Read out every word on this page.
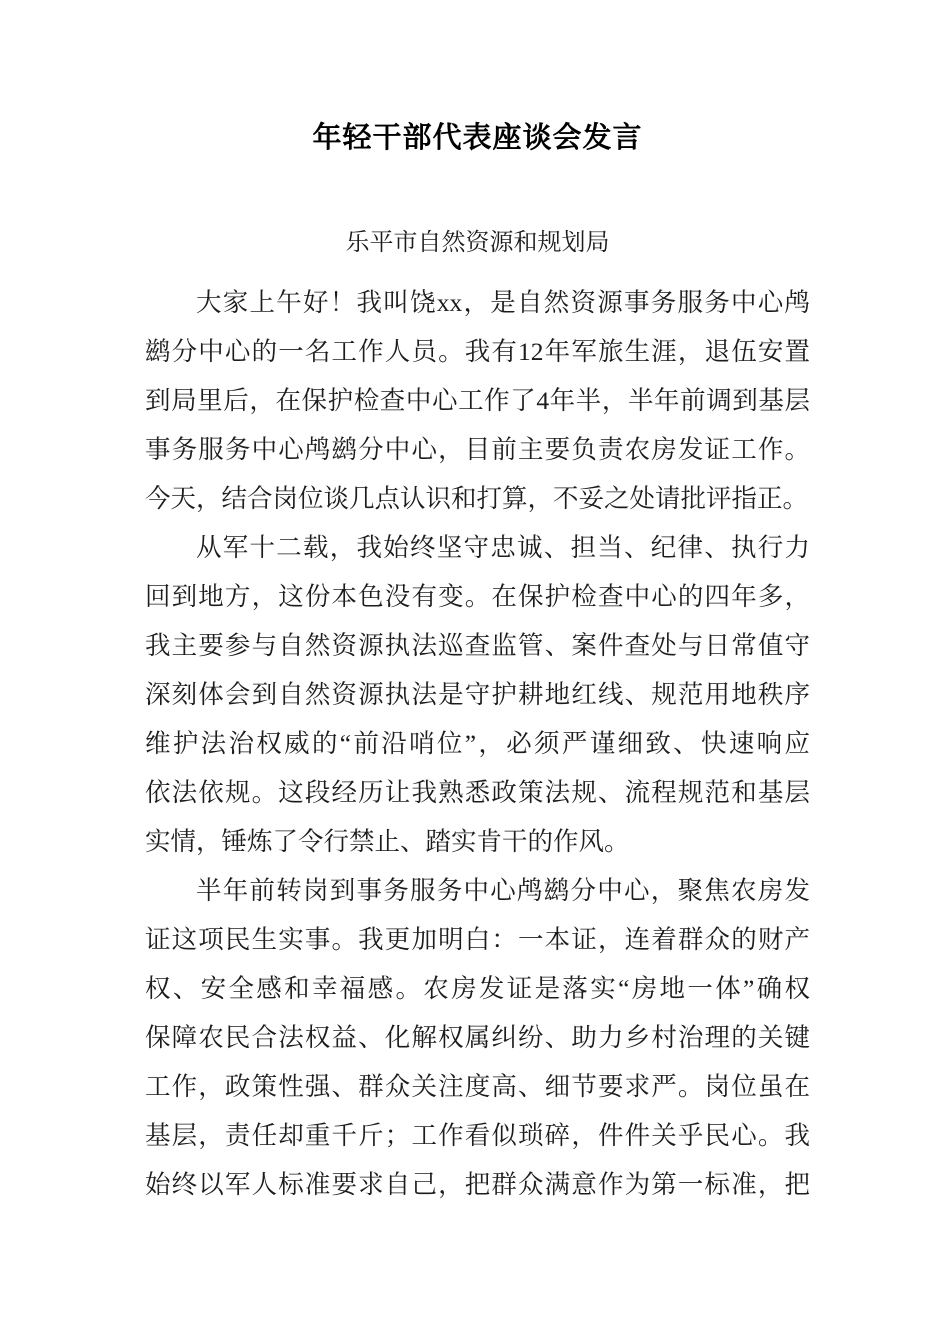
年轻干部代表座谈会发言
乐平市自然资源和规划局
大家上午好！我叫饶xx，是自然资源事务服务中心鸬
鹚分中心的一名工作人员。我有12年军旅生涯，退伍安置
到局里后，在保护检查中心工作了4年半，半年前调到基层
事务服务中心鸬鹚分中心，目前主要负责农房发证工作。
今天，结合岗位谈几点认识和打算，不妥之处请批评指正。
从军十二载，我始终坚守忠诚、担当、纪律、执行力
回到地方，这份本色没有变。在保护检查中心的四年多，
我主要参与自然资源执法巡查监管、案件查处与日常值守
深刻体会到自然资源执法是守护耕地红线、规范用地秩序
维护法治权威的“前沿哨位”，必须严谨细致、快速响应
依法依规。这段经历让我熟悉政策法规、流程规范和基层
实情，锤炼了令行禁止、踏实肯干的作风。
半年前转岗到事务服务中心鸬鹚分中心，聚焦农房发
证这项民生实事。我更加明白：一本证，连着群众的财产
权、安全感和幸福感。农房发证是落实“房地一体”确权
保障农民合法权益、化解权属纠纷、助力乡村治理的关键
工作，政策性强、群众关注度高、细节要求严。岗位虽在
基层，责任却重千斤；工作看似琐碎，件件关乎民心。我
始终以军人标准要求自己，把群众满意作为第一标准，把
